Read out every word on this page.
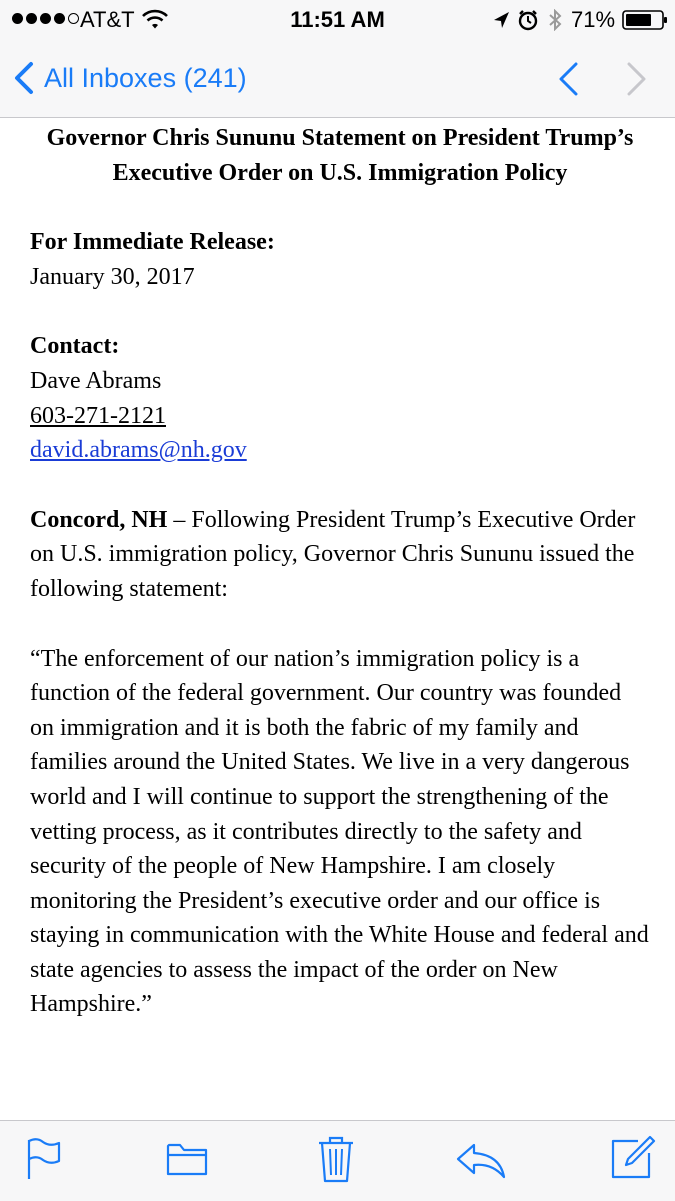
AT&T	11:51 AM	71%
All Inboxes (241)
Governor Chris Sununu Statement on President Trump’s Executive Order on U.S. Immigration Policy
For Immediate Release:
January 30, 2017
Contact:
Dave Abrams
603-271-2121
david.abrams@nh.gov
Concord, NH – Following President Trump’s Executive Order on U.S. immigration policy, Governor Chris Sununu issued the following statement:
“The enforcement of our nation’s immigration policy is a function of the federal government. Our country was founded on immigration and it is both the fabric of my family and families around the United States. We live in a very dangerous world and I will continue to support the strengthening of the vetting process, as it contributes directly to the safety and security of the people of New Hampshire. I am closely monitoring the President’s executive order and our office is staying in communication with the White House and federal and state agencies to assess the impact of the order on New Hampshire.”
